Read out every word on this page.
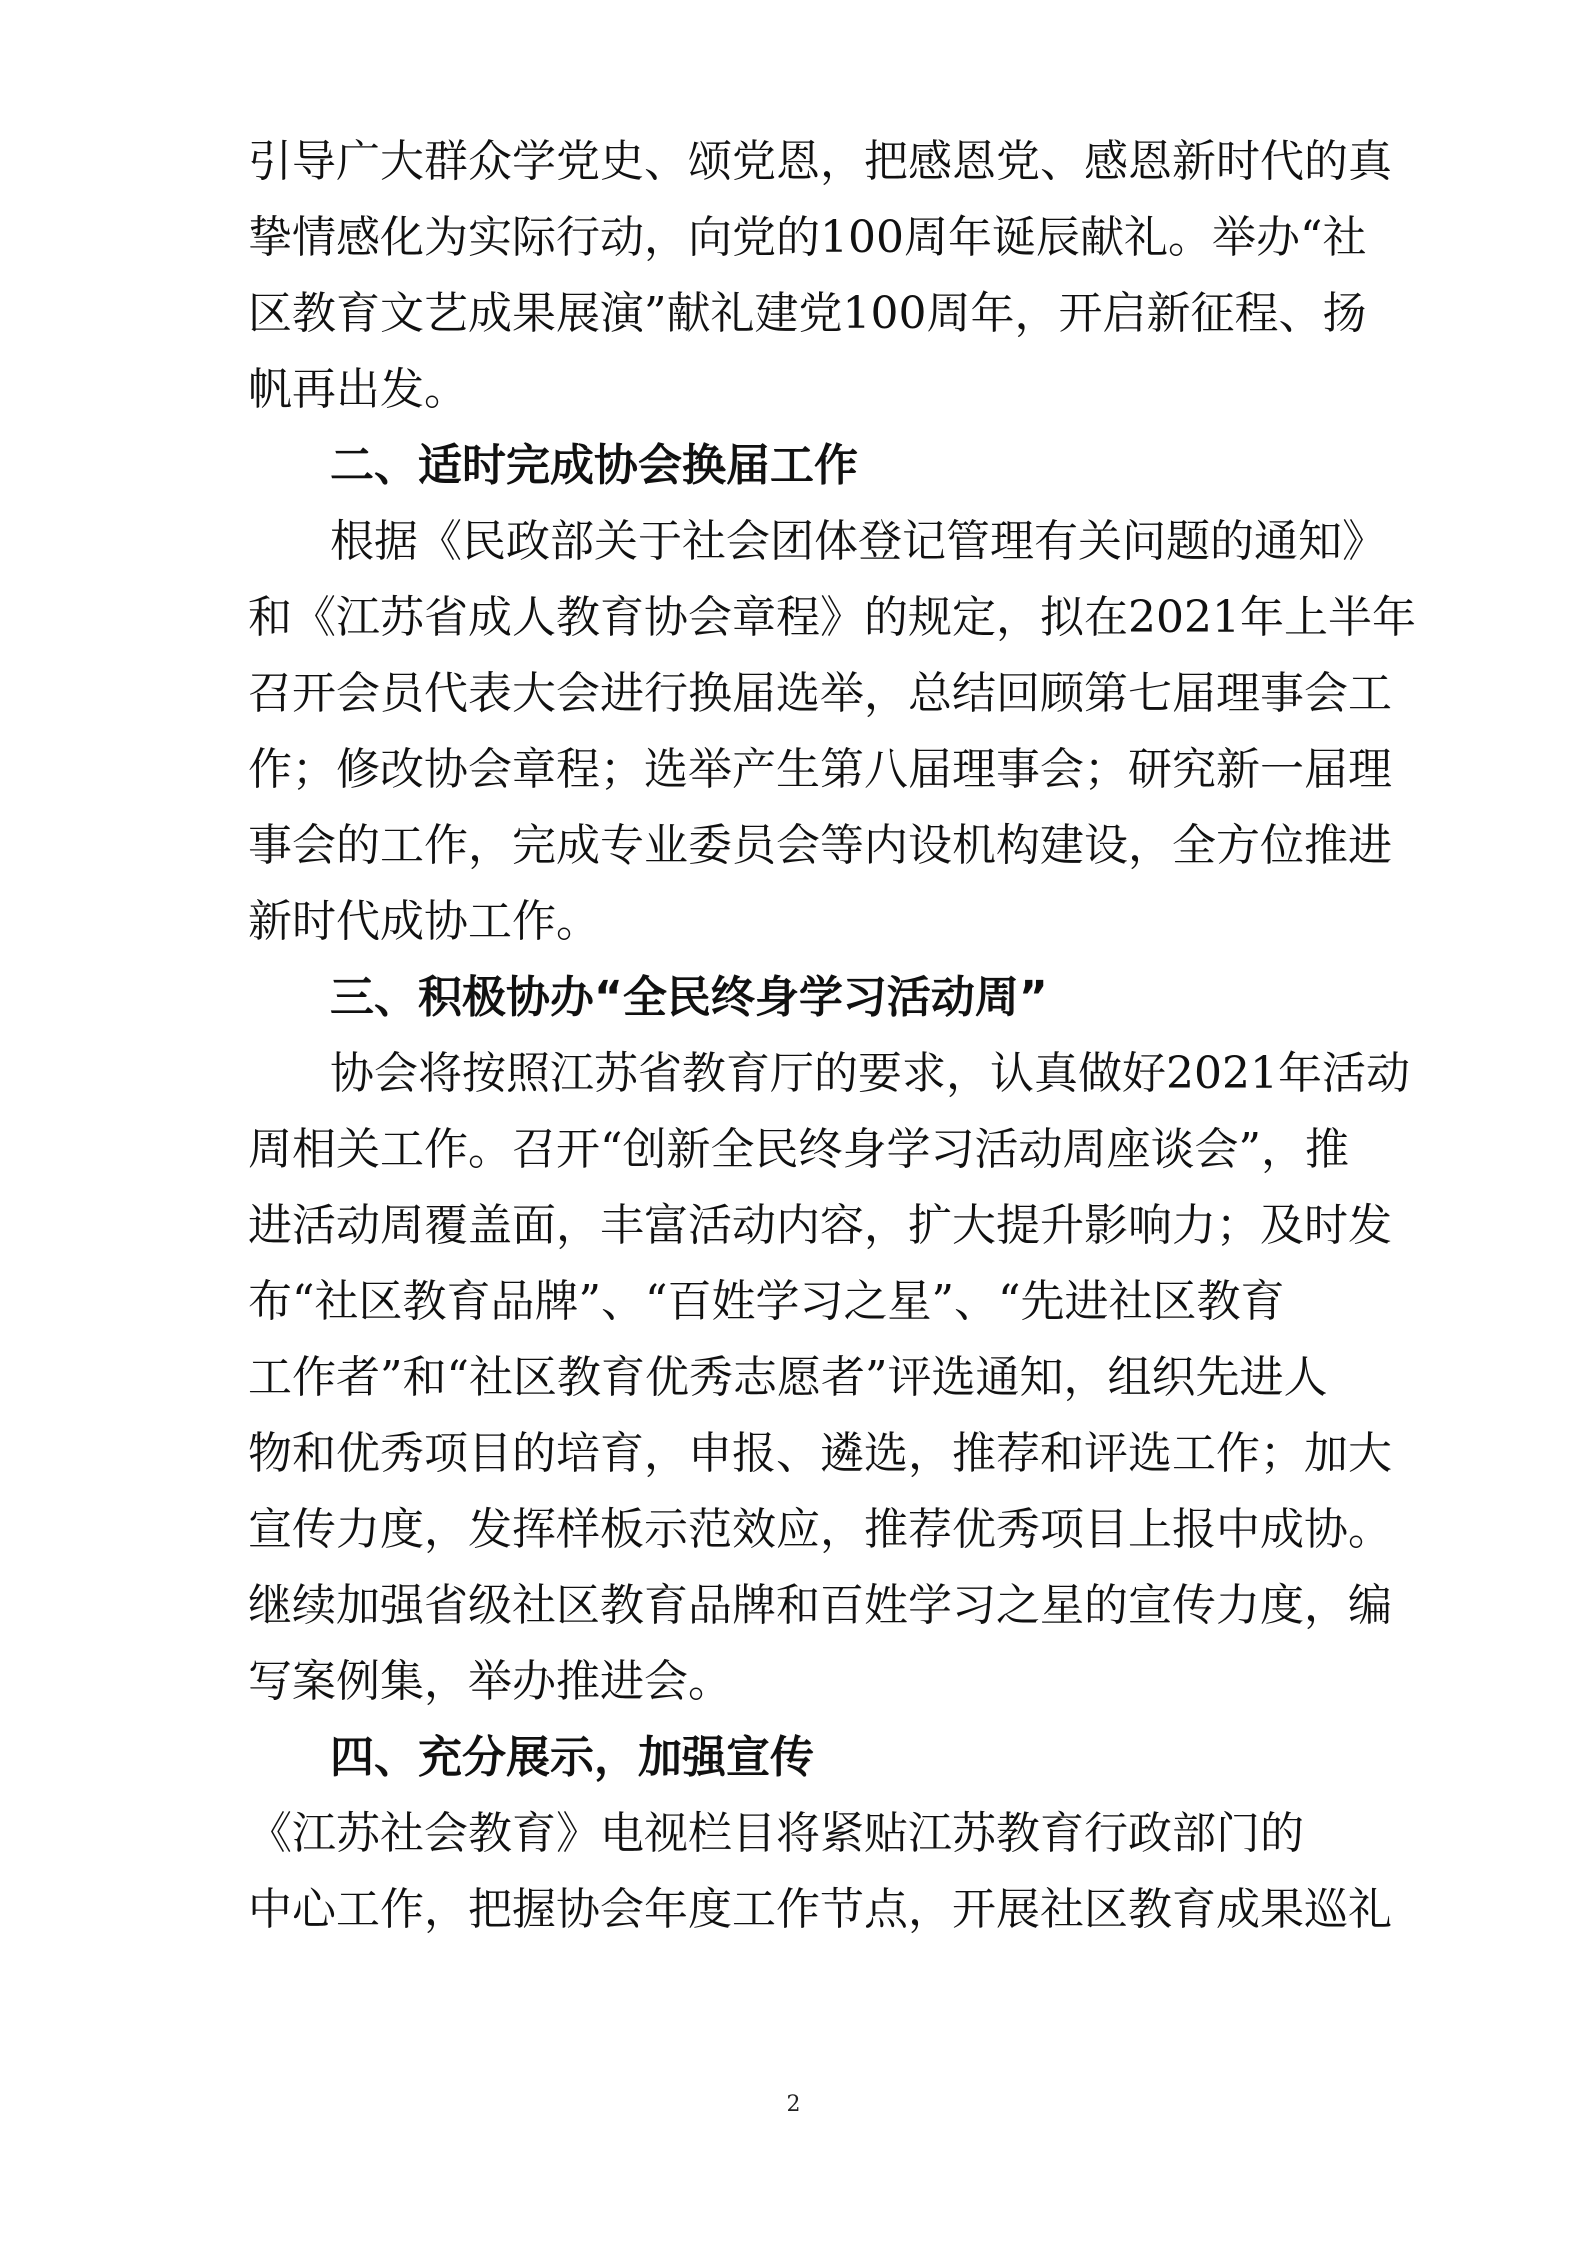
引导广大群众学党史、颂党恩，把感恩党、感恩新时代的真
挚情感化为实际行动，向党的100周年诞辰献礼。举办“社
区教育文艺成果展演”献礼建党100周年，开启新征程、扬
帆再出发。
二、适时完成协会换届工作
根据《民政部关于社会团体登记管理有关问题的通知》
和《江苏省成人教育协会章程》的规定，拟在2021年上半年
召开会员代表大会进行换届选举，总结回顾第七届理事会工
作；修改协会章程；选举产生第八届理事会；研究新一届理
事会的工作，完成专业委员会等内设机构建设，全方位推进
新时代成协工作。
三、积极协办“全民终身学习活动周”
协会将按照江苏省教育厅的要求，认真做好2021年活动
周相关工作。召开“创新全民终身学习活动周座谈会”，推
进活动周覆盖面，丰富活动内容，扩大提升影响力；及时发
布“社区教育品牌”、“百姓学习之星”、“先进社区教育
工作者”和“社区教育优秀志愿者”评选通知，组织先进人
物和优秀项目的培育，申报、遴选，推荐和评选工作；加大
宣传力度，发挥样板示范效应，推荐优秀项目上报中成协。
继续加强省级社区教育品牌和百姓学习之星的宣传力度，编
写案例集，举办推进会。
四、充分展示，加强宣传
《江苏社会教育》电视栏目将紧贴江苏教育行政部门的
中心工作，把握协会年度工作节点，开展社区教育成果巡礼
2
